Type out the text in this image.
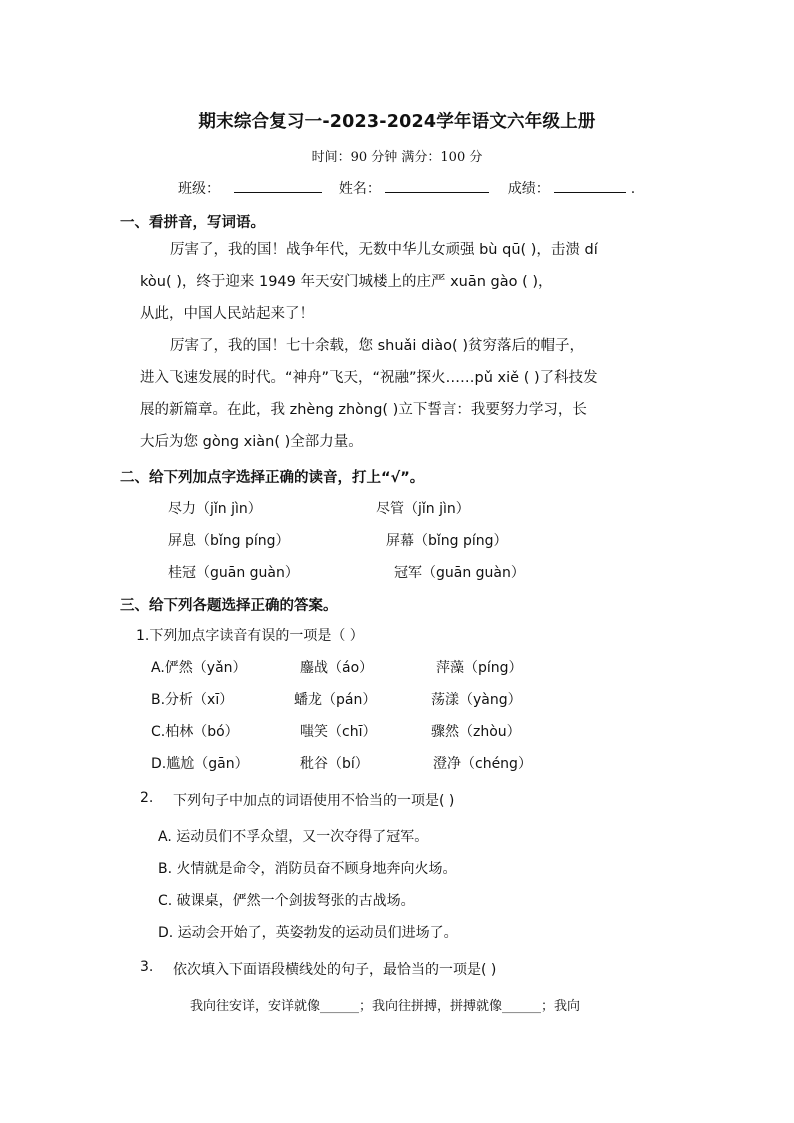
期末综合复习一-2023-2024学年语文六年级上册
时间：90 分钟 满分：100 分
班级：	姓名：	成绩：	.
一、看拼音，写词语。
厉害了，我的国！战争年代，无数中华儿女顽强 bù qū( )，击溃 dí
kòu( )，终于迎来 1949 年天安门城楼上的庄严 xuān gào ( )，
从此，中国人民站起来了！
厉害了，我的国！七十余载，您 shuǎi diào( )贫穷落后的帽子，
进入飞速发展的时代。“神舟”飞天，“祝融”探火……pǔ xiě ( )了科技发
展的新篇章。在此，我 zhèng zhòng( )立下誓言：我要努力学习，长
大后为您 gòng xiàn( )全部力量。
二、给下列加点字选择正确的读音，打上“√”。
尽力（jǐn jìn）	尽管（jǐn jìn）
屏息（bǐng píng）	屏幕（bǐng píng）
桂冠（guān guàn）	冠军（guān guàn）
三、给下列各题选择正确的答案。
1.下列加点字读音有误的一项是（ ）
A.俨然（yǎn）	鏖战（áo）	萍藻（píng）
B.分析（xī）	蟠龙（pán）	荡漾（yàng）
C.柏林（bó）	嗤笑（chī）	骤然（zhòu）
D.尴尬（gān）	秕谷（bí）	澄净（chéng）
2. 下列句子中加点的词语使用不恰当的一项是( )
A. 运动员们不孚众望，又一次夺得了冠军。
B. 火情就是命令，消防员奋不顾身地奔向火场。
C. 破课桌，俨然一个剑拔弩张的古战场。
D. 运动会开始了，英姿勃发的运动员们进场了。
3. 依次填入下面语段横线处的句子，最恰当的一项是( )
我向往安详，安详就像______；我向往拼搏，拼搏就像______；我向
